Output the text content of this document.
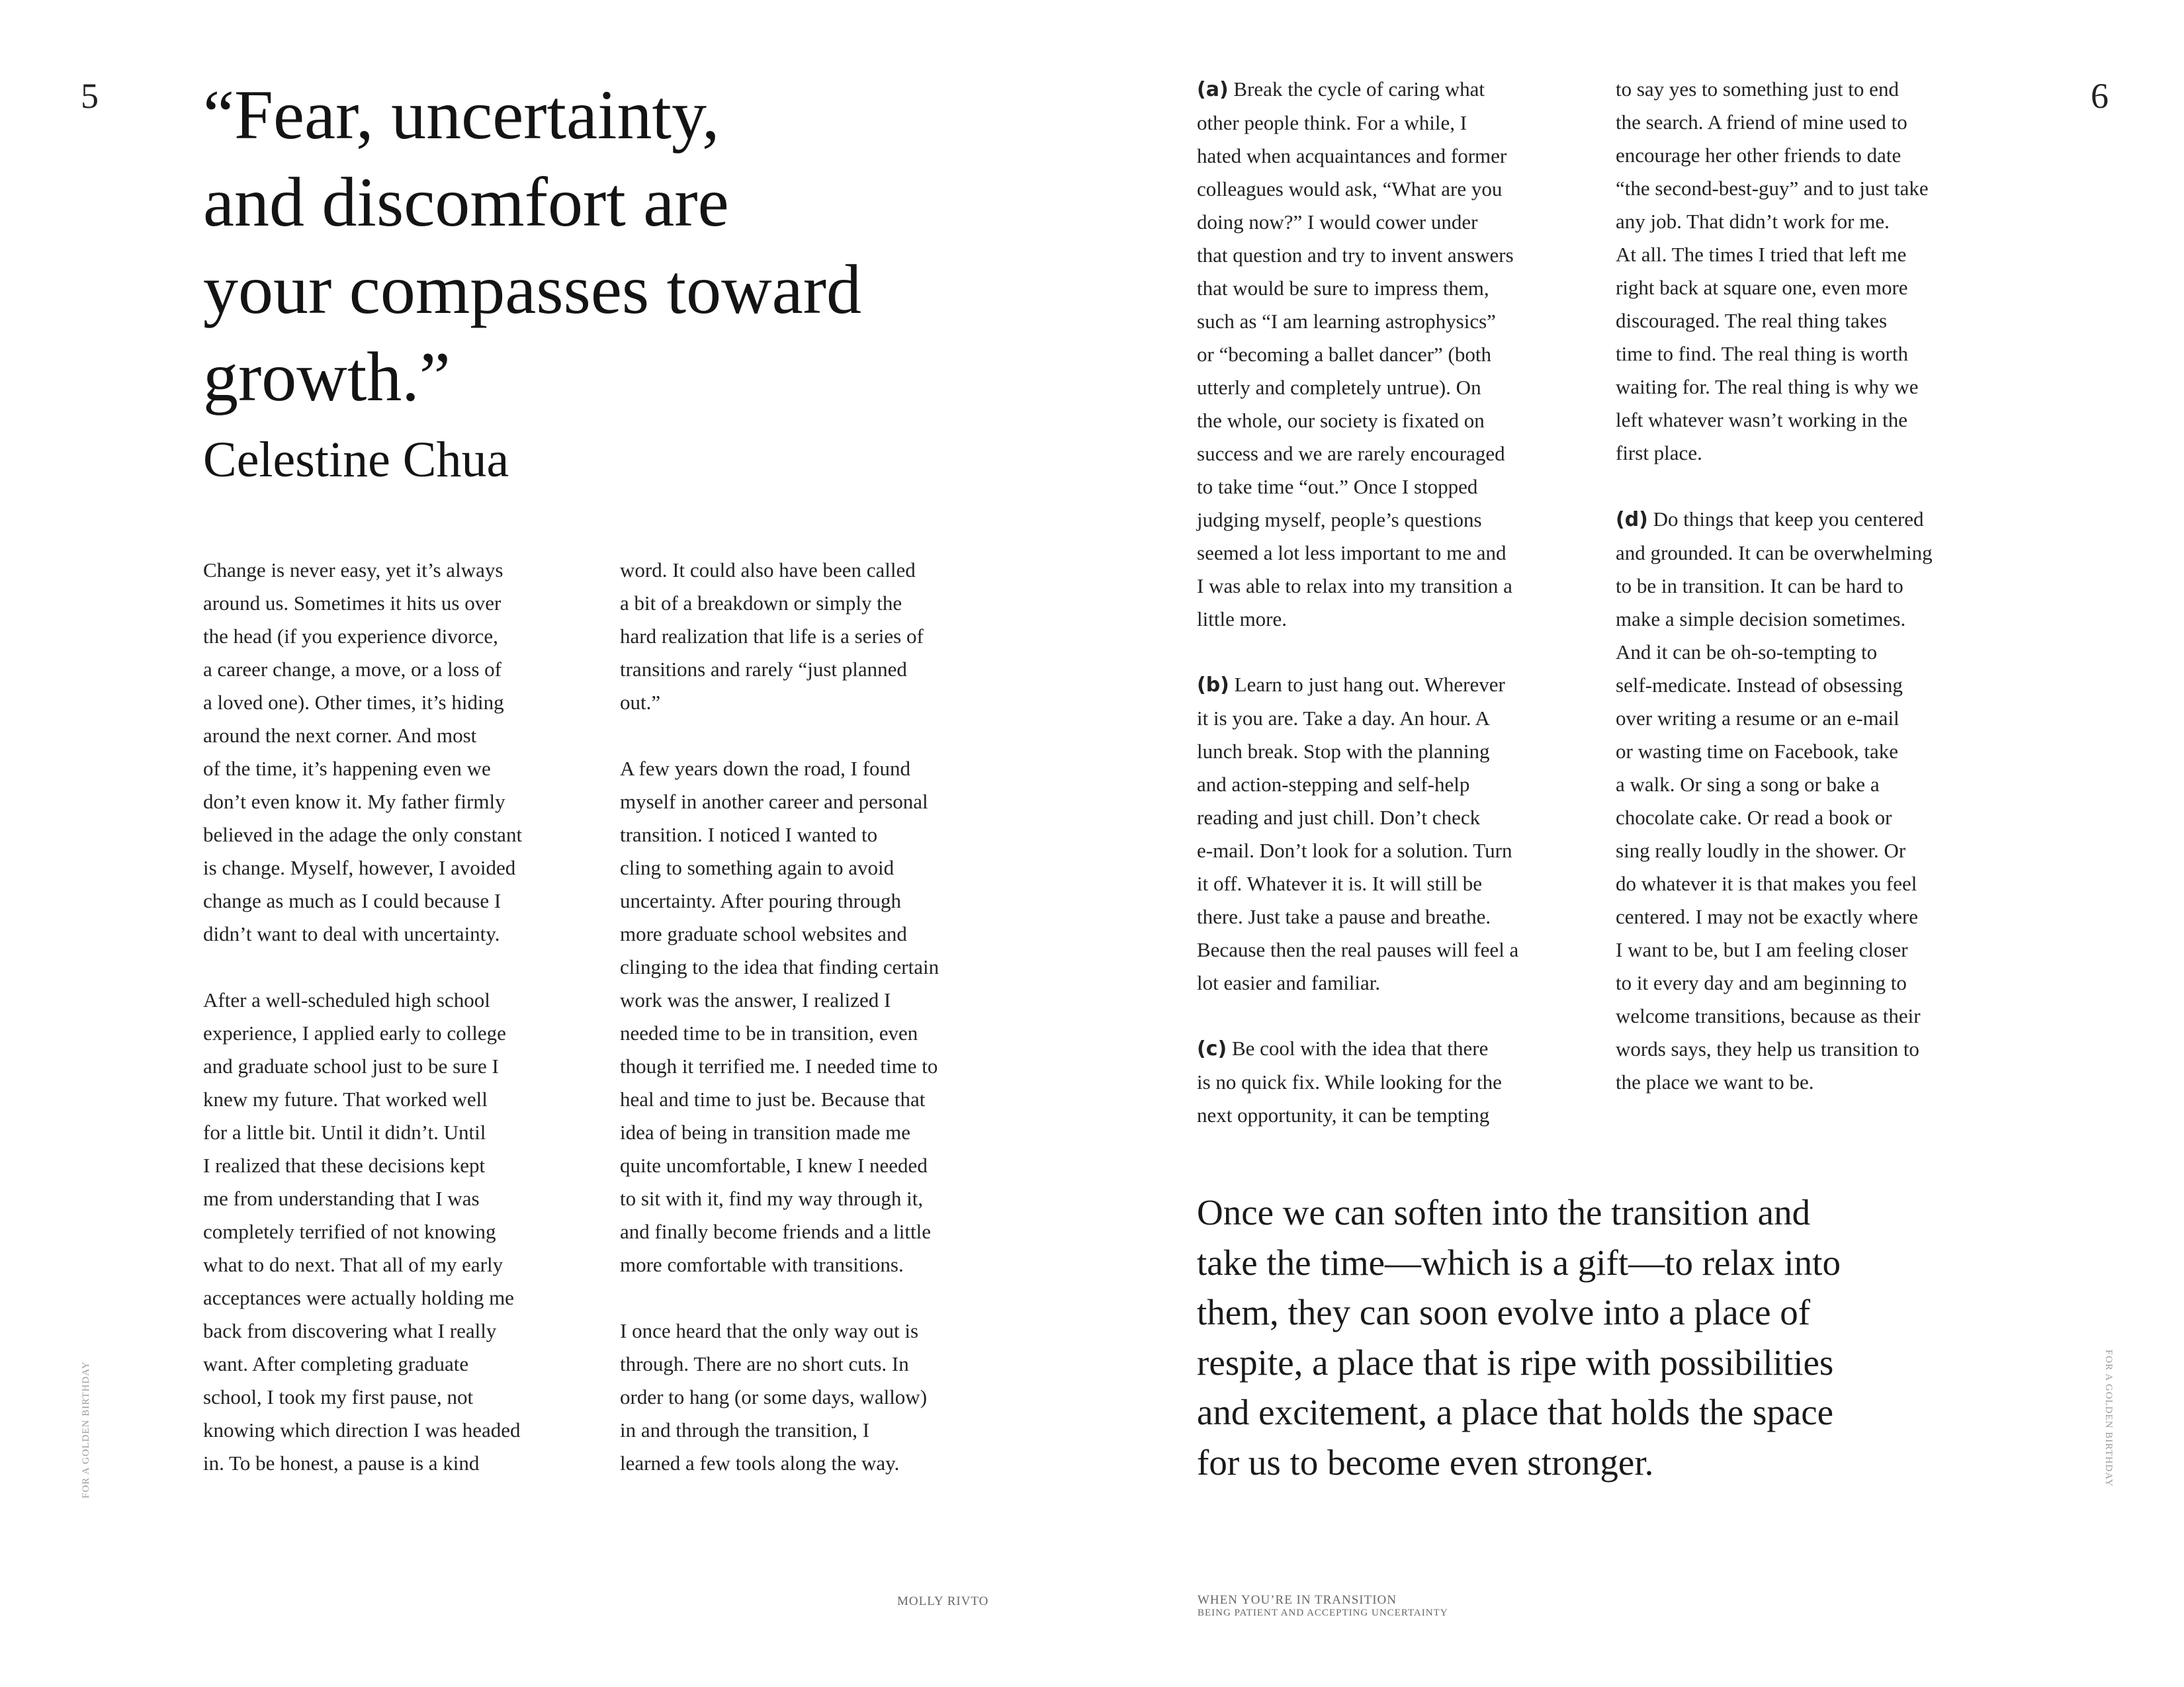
5 “Fear, uncertainty,
and discomfort are
your compasses toward
growth.”
Celestine Chua
Change is never easy, yet it’s always
around us. Sometimes it hits us over
the head (if you experience divorce,
a career change, a move, or a loss of
a loved one). Other times, it’s hiding
around the next corner. And most
of the time, it’s happening even we
don’t even know it. My father firmly
believed in the adage the only constant
is change. Myself, however, I avoided
change as much as I could because I
didn’t want to deal with uncertainty.

After a well-scheduled high school
experience, I applied early to college
and graduate school just to be sure I
knew my future. That worked well
for a little bit. Until it didn’t. Until
I realized that these decisions kept
me from understanding that I was
completely terrified of not knowing
what to do next. That all of my early
acceptances were actually holding me
back from discovering what I really
want. After completing graduate
school, I took my first pause, not
knowing which direction I was headed
in. To be honest, a pause is a kind
word. It could also have been called
a bit of a breakdown or simply the
hard realization that life is a series of
transitions and rarely “just planned
out.”

A few years down the road, I found
myself in another career and personal
transition. I noticed I wanted to
cling to something again to avoid
uncertainty. After pouring through
more graduate school websites and
clinging to the idea that finding certain
work was the answer, I realized I
needed time to be in transition, even
though it terrified me. I needed time to
heal and time to just be. Because that
idea of being in transition made me
quite uncomfortable, I knew I needed
to sit with it, find my way through it,
and finally become friends and a little
more comfortable with transitions.

I once heard that the only way out is
through. There are no short cuts. In
order to hang (or some days, wallow)
in and through the transition, I
learned a few tools along the way.
FOR A GOLDEN BIRTHDAY
MOLLY RIVTO
6
(a) Break the cycle of caring what
other people think. For a while, I
hated when acquaintances and former
colleagues would ask, “What are you
doing now?” I would cower under
that question and try to invent answers
that would be sure to impress them,
such as “I am learning astrophysics”
or “becoming a ballet dancer” (both
utterly and completely untrue). On
the whole, our society is fixated on
success and we are rarely encouraged
to take time “out.” Once I stopped
judging myself, people’s questions
seemed a lot less important to me and
I was able to relax into my transition a
little more.
(b) Learn to just hang out. Wherever
it is you are. Take a day. An hour. A
lunch break. Stop with the planning
and action-stepping and self-help
reading and just chill. Don’t check
e-mail. Don’t look for a solution. Turn
it off. Whatever it is. It will still be
there. Just take a pause and breathe.
Because then the real pauses will feel a
lot easier and familiar.
(c) Be cool with the idea that there
is no quick fix. While looking for the
next opportunity, it can be tempting
to say yes to something just to end
the search. A friend of mine used to
encourage her other friends to date
“the second-best-guy” and to just take
any job. That didn’t work for me.
At all. The times I tried that left me
right back at square one, even more
discouraged. The real thing takes
time to find. The real thing is worth
waiting for. The real thing is why we
left whatever wasn’t working in the
first place.
(d) Do things that keep you centered
and grounded. It can be overwhelming
to be in transition. It can be hard to
make a simple decision sometimes.
And it can be oh-so-tempting to
self-medicate. Instead of obsessing
over writing a resume or an e-mail
or wasting time on Facebook, take
a walk. Or sing a song or bake a
chocolate cake. Or read a book or
sing really loudly in the shower. Or
do whatever it is that makes you feel
centered. I may not be exactly where
I want to be, but I am feeling closer
to it every day and am beginning to
welcome transitions, because as their
words says, they help us transition to
the place we want to be.
Once we can soften into the transition and
take the time—which is a gift—to relax into
them, they can soon evolve into a place of
respite, a place that is ripe with possibilities
and excitement, a place that holds the space
for us to become even stronger.	FOR A GOLDEN BIRTHDAY
WHEN YOU’RE IN TRANSITION
BEING PATIENT AND ACCEPTING UNCERTAINTY
